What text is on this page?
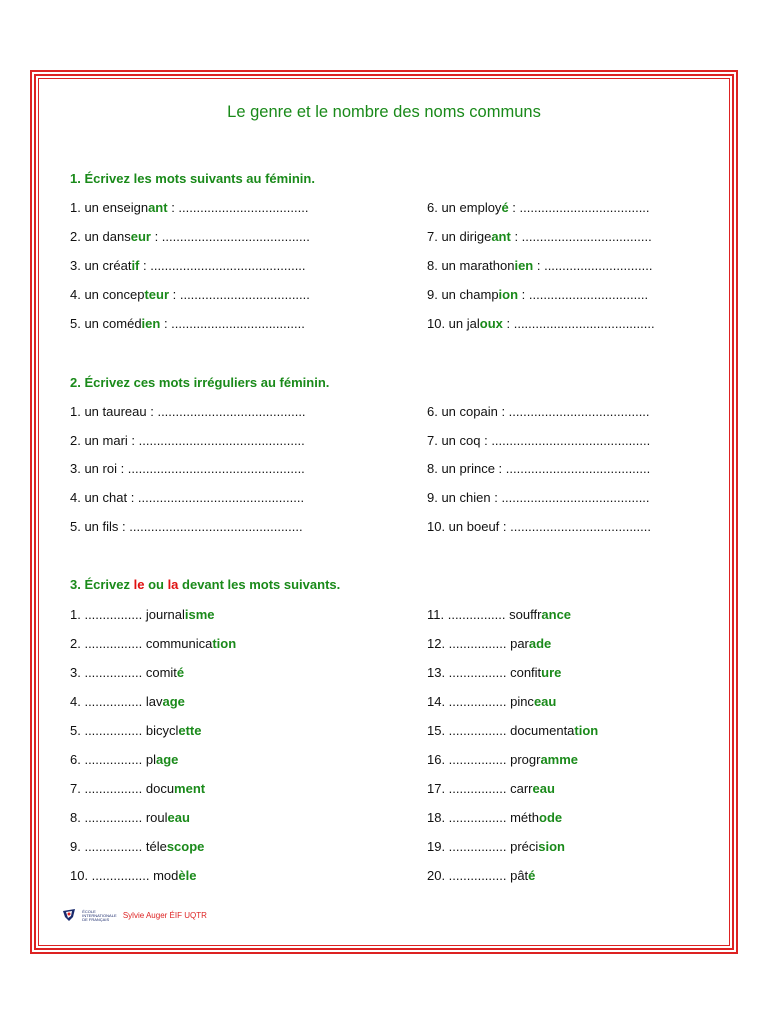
Le genre et le nombre des noms communs
1. Écrivez les mots suivants au féminin.
1. un enseignant : ....................................
2. un danseur : .........................................
3. un créatif : ...........................................
4. un concepteur : ....................................
5. un comédien : .....................................
6. un employé : ....................................
7. un dirigeant : ....................................
8. un marathonien : ..............................
9. un champion : .................................
10. un jaloux : .......................................
2. Écrivez ces mots irréguliers au féminin.
1. un taureau : .........................................
2. un mari : ..............................................
3. un roi : .................................................
4. un chat : ..............................................
5. un fils : ................................................
6. un copain : .......................................
7. un coq : ............................................
8. un prince : ........................................
9. un chien : .........................................
10. un boeuf : .......................................
3. Écrivez le ou la devant les mots suivants.
1. ................ journalisme
2. ................ communication
3. ................ comité
4. ................ lavage
5. ................ bicyclette
6. ................ plage
7. ................ document
8. ................ rouleau
9. ................ télescope
10. ................ modèle
11. ................ souffrance
12. ................ parade
13. ................ confiture
14. ................ pinceau
15. ................ documentation
16. ................ programme
17. ................ carreau
18. ................ méthode
19. ................ précision
20. ................ pâté
ÉCOLE
INTERNATIONALE
DE FRANÇAIS Sylvie Auger ÉIF UQTR
